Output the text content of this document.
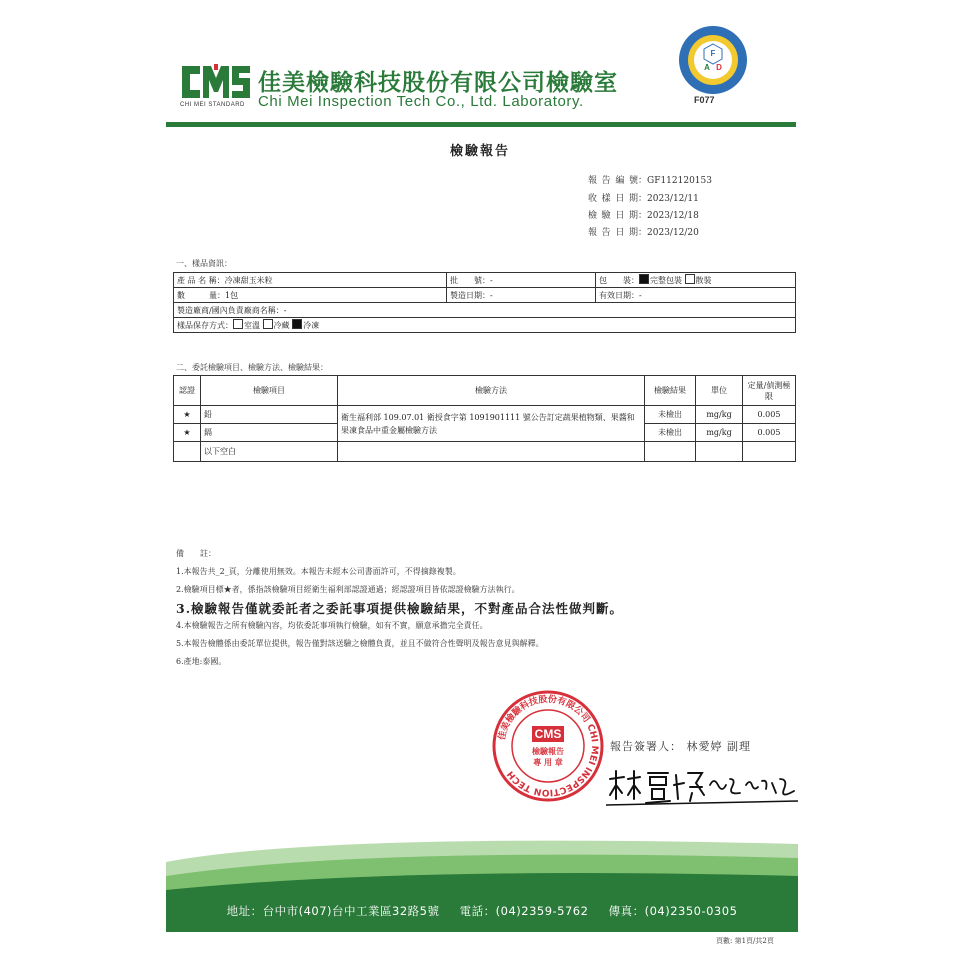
CHI MEI STANDARD
佳美檢驗科技股份有限公司檢驗室
Chi Mei Inspection Tech Co., Ltd. Laboratory.
F
A D
F077
檢驗報告
報告編號：GF112120153
收樣日期：2023/12/11
檢驗日期：2023/12/18
報告日期：2023/12/20
一、樣品資訊：
產 品 名 稱：冷凍甜玉米粒	批　　號：-	包　　裝： 完整包裝 散裝
數　　　量：1包	製造日期：-	有效日期：-
製造廠商/國內負責廠商名稱：-		
樣品保存方式： 室溫 冷藏 冷凍		
二、委託檢驗項目、檢驗方法、檢驗結果：
認證	檢驗項目	檢驗方法	檢驗結果	單位	定量/偵測極限
★	鉛	衛生福利部 109.07.01 衛授食字第 1091901111 號公告訂定蔬果植物類、果醬和果凍食品中重金屬檢驗方法	未檢出	mg/kg	0.005
★	鎘		未檢出	mg/kg	0.005
	以下空白				
備　　註：
1.本報告共_2_頁，分離使用無效。本報告未經本公司書面許可，不得摘錄複製。
2.檢驗項目標★者，係指該檢驗項目經衛生福利部認證通過；經認證項目皆依認證檢驗方法執行。
3.檢驗報告僅就委託者之委託事項提供檢驗結果，不對產品合法性做判斷。
4.本檢驗報告之所有檢驗內容，均依委託事項執行檢驗，如有不實，願意承擔完全責任。
5.本報告檢體係由委託單位提供，報告僅對該送驗之檢體負責，並且不做符合性聲明及報告意見與解釋。
6.產地:泰國。
佳美檢驗科技股份有限公司 CHI MEI INSPECTION TECH
CMS
檢驗報告
專 用 章
報告簽署人： 林愛婷 副理
地址：台中市(407)台中工業區32路5號 電話：(04)2359-5762 傳真：(04)2350-0305
頁數: 第1頁/共2頁
